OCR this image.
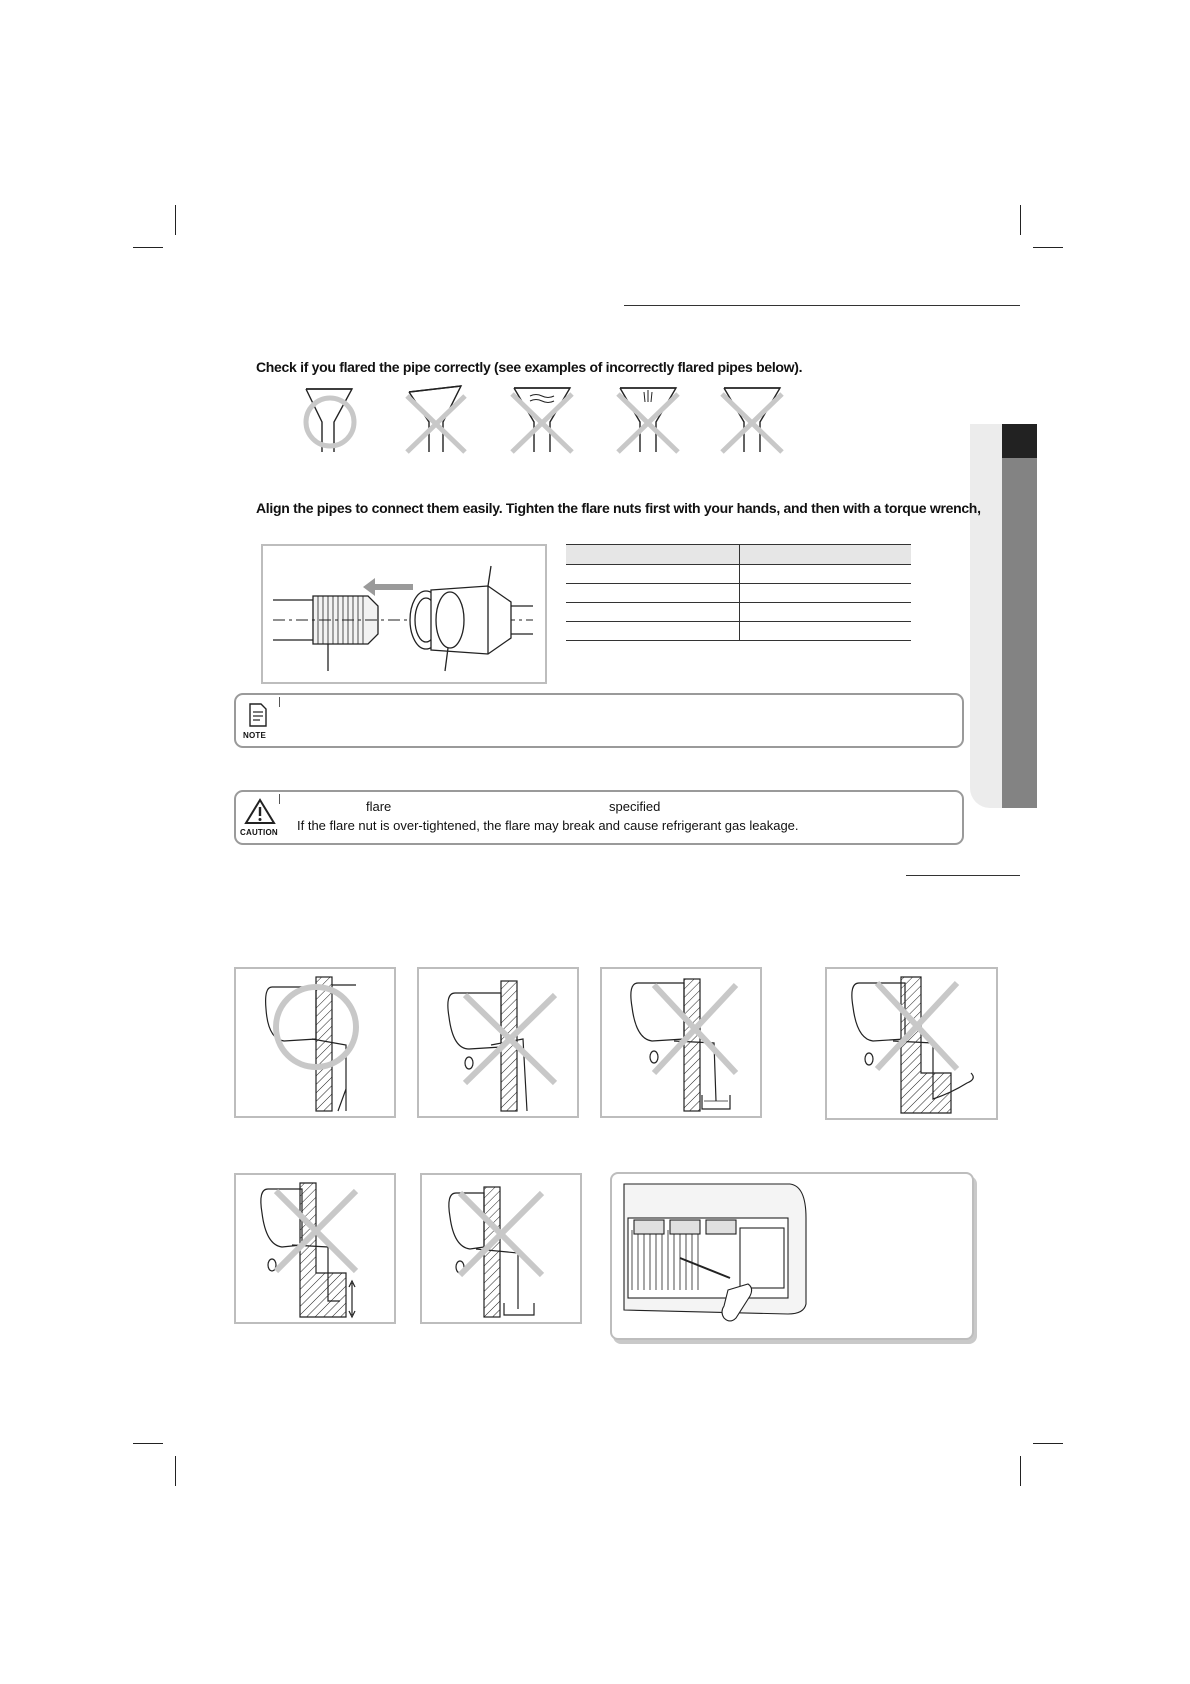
Check if you flared the pipe correctly (see examples of incorrectly flared pipes below).
Align the pipes to connect them easily. Tighten the flare nuts first with your hands, and then with a torque wrench,

NOTE
CAUTION
flare	specified
If the flare nut is over-tightened, the flare may break and cause refrigerant gas leakage.
